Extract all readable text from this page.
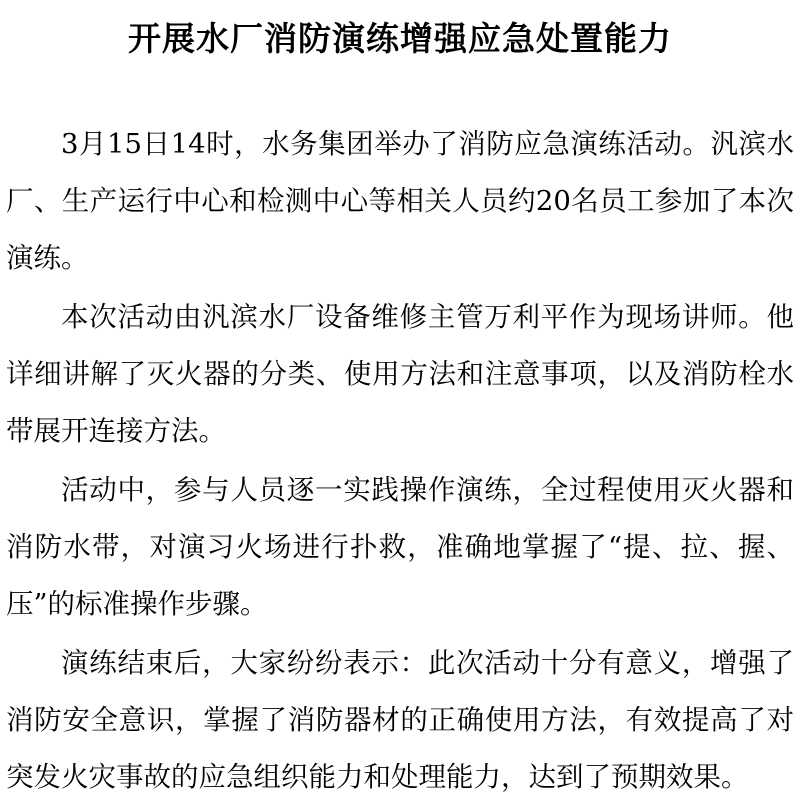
开展水厂消防演练增强应急处置能力

3月15日14时，水务集团举办了消防应急演练活动。汎滨水厂、生产运行中心和检测中心等相关人员约20名员工参加了本次演练。

本次活动由汎滨水厂设备维修主管万利平作为现场讲师。他详细讲解了灭火器的分类、使用方法和注意事项，以及消防栓水带展开连接方法。

活动中，参与人员逐一实践操作演练，全过程使用灭火器和消防水带，对演习火场进行扑救，准确地掌握了“提、拉、握、压”的标准操作步骤。

演练结束后，大家纷纷表示：此次活动十分有意义，增强了消防安全意识，掌握了消防器材的正确使用方法，有效提高了对突发火灾事故的应急组织能力和处理能力，达到了预期效果。
